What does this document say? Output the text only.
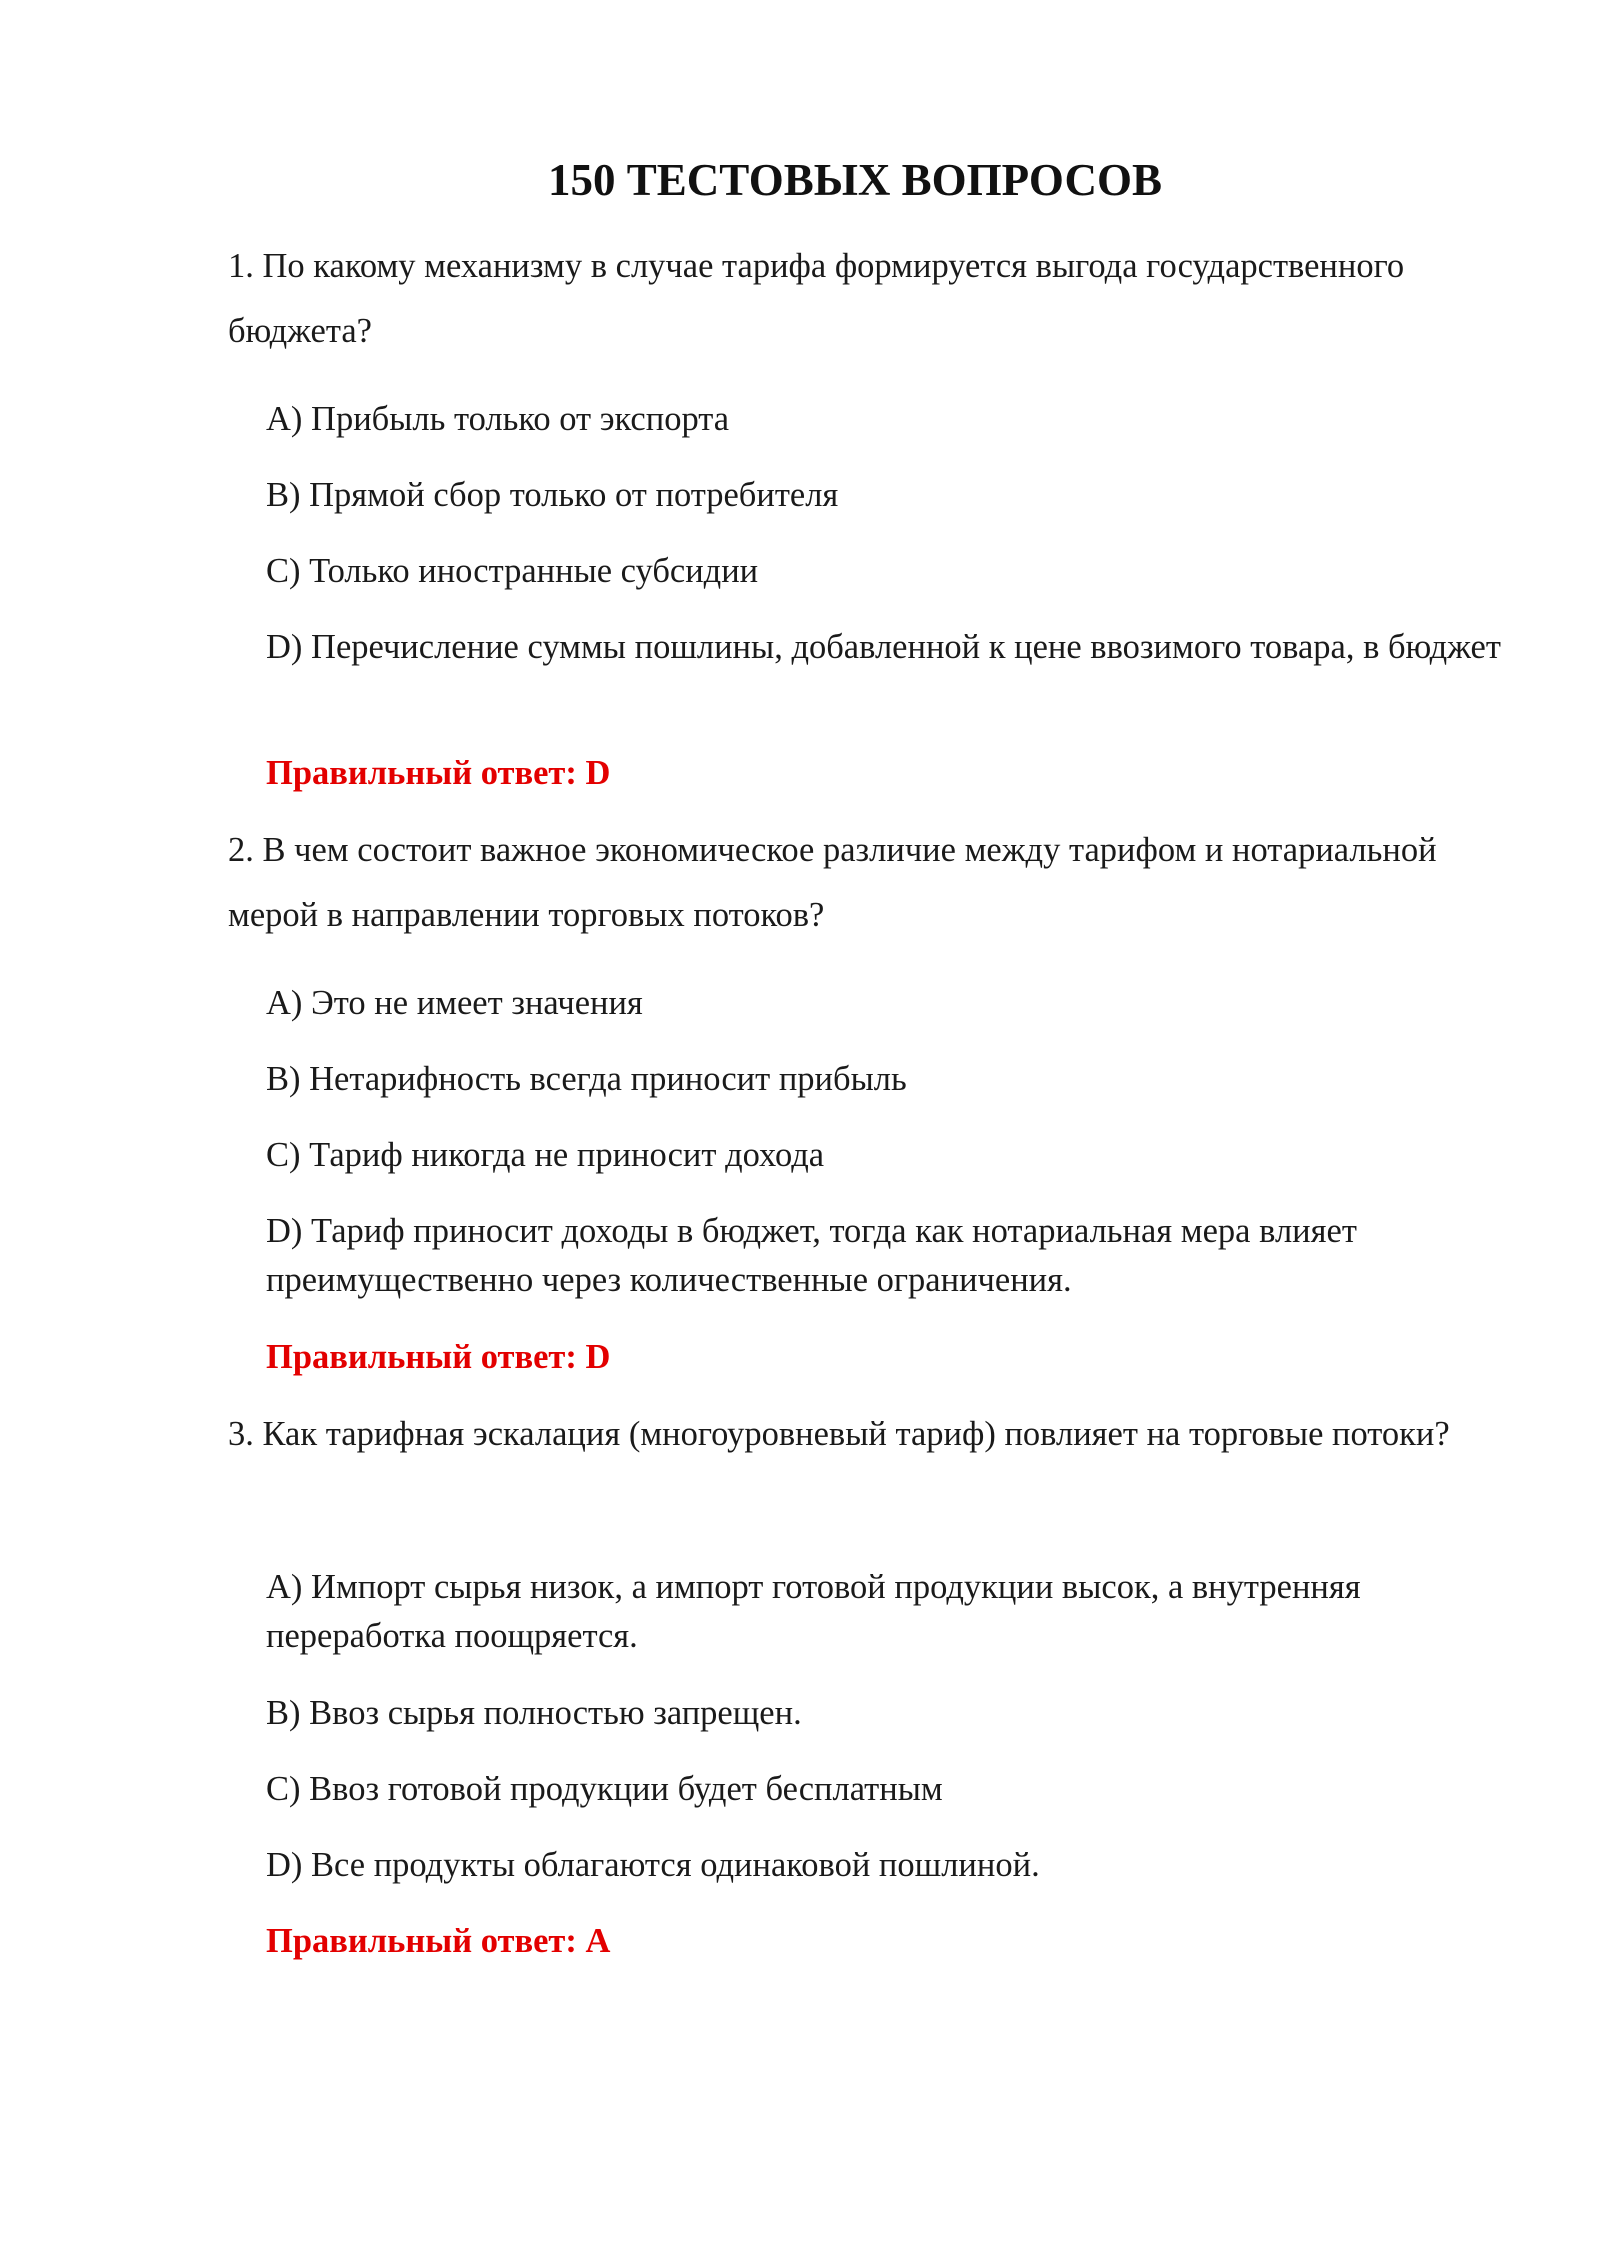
150 ТЕСТОВЫХ ВОПРОСОВ
1. По какому механизму в случае тарифа формируется выгода государственного бюджета?
A) Прибыль только от экспорта
B) Прямой сбор только от потребителя
C) Только иностранные субсидии
D) Перечисление суммы пошлины, добавленной к цене ввозимого товара, в бюджет
Правильный ответ: D
2. В чем состоит важное экономическое различие между тарифом и нотариальной мерой в направлении торговых потоков?
A) Это не имеет значения
B) Нетарифность всегда приносит прибыль
C) Тариф никогда не приносит дохода
D) Тариф приносит доходы в бюджет, тогда как нотариальная мера влияет преимущественно через количественные ограничения.
Правильный ответ: D
3. Как тарифная эскалация (многоуровневый тариф) повлияет на торговые потоки?
A) Импорт сырья низок, а импорт готовой продукции высок, а внутренняя переработка поощряется.
B) Ввоз сырья полностью запрещен.
C) Ввоз готовой продукции будет бесплатным
D) Все продукты облагаются одинаковой пошлиной.
Правильный ответ: A
